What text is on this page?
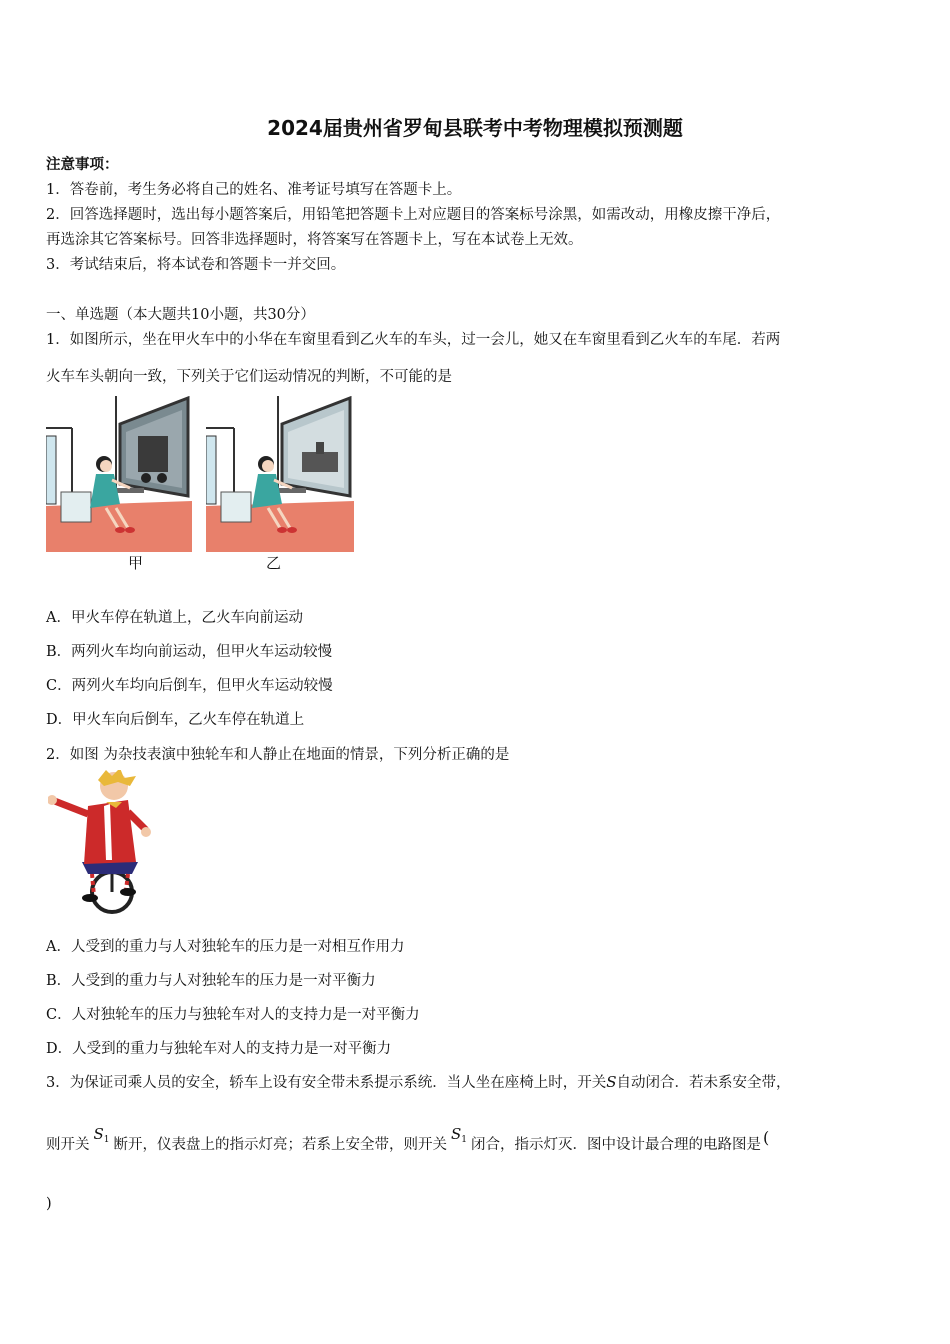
2024届贵州省罗甸县联考中考物理模拟预测题
注意事项：
1．答卷前，考生务必将自己的姓名、准考证号填写在答题卡上。
2．回答选择题时，选出每小题答案后，用铅笔把答题卡上对应题目的答案标号涂黑，如需改动，用橡皮擦干净后，
再选涂其它答案标号。回答非选择题时，将答案写在答题卡上，写在本试卷上无效。
3．考试结束后，将本试卷和答题卡一并交回。
一、单选题（本大题共10小题，共30分）
1．如图所示，坐在甲火车中的小华在车窗里看到乙火车的车头，过一会儿，她又在车窗里看到乙火车的车尾．若两
火车车头朝向一致，下列关于它们运动情况的判断，不可能的是
甲	乙
A．甲火车停在轨道上，乙火车向前运动
B．两列火车均向前运动，但甲火车运动较慢
C．两列火车均向后倒车，但甲火车运动较慢
D．甲火车向后倒车，乙火车停在轨道上
2．如图 为杂技表演中独轮车和人静止在地面的情景，下列分析正确的是
A．人受到的重力与人对独轮车的压力是一对相互作用力
B．人受到的重力与人对独轮车的压力是一对平衡力
C．人对独轮车的压力与独轮车对人的支持力是一对平衡力
D．人受到的重力与独轮车对人的支持力是一对平衡力
3．为保证司乘人员的安全，轿车上设有安全带未系提示系统．当人坐在座椅上时，开关S自动闭合．若未系安全带，
则开关$S_1$ 断开，仪表盘上的指示灯亮；若系上安全带，则开关$S_1$ 闭合，指示灯灭．图中设计最合理的电路图是 (
)
